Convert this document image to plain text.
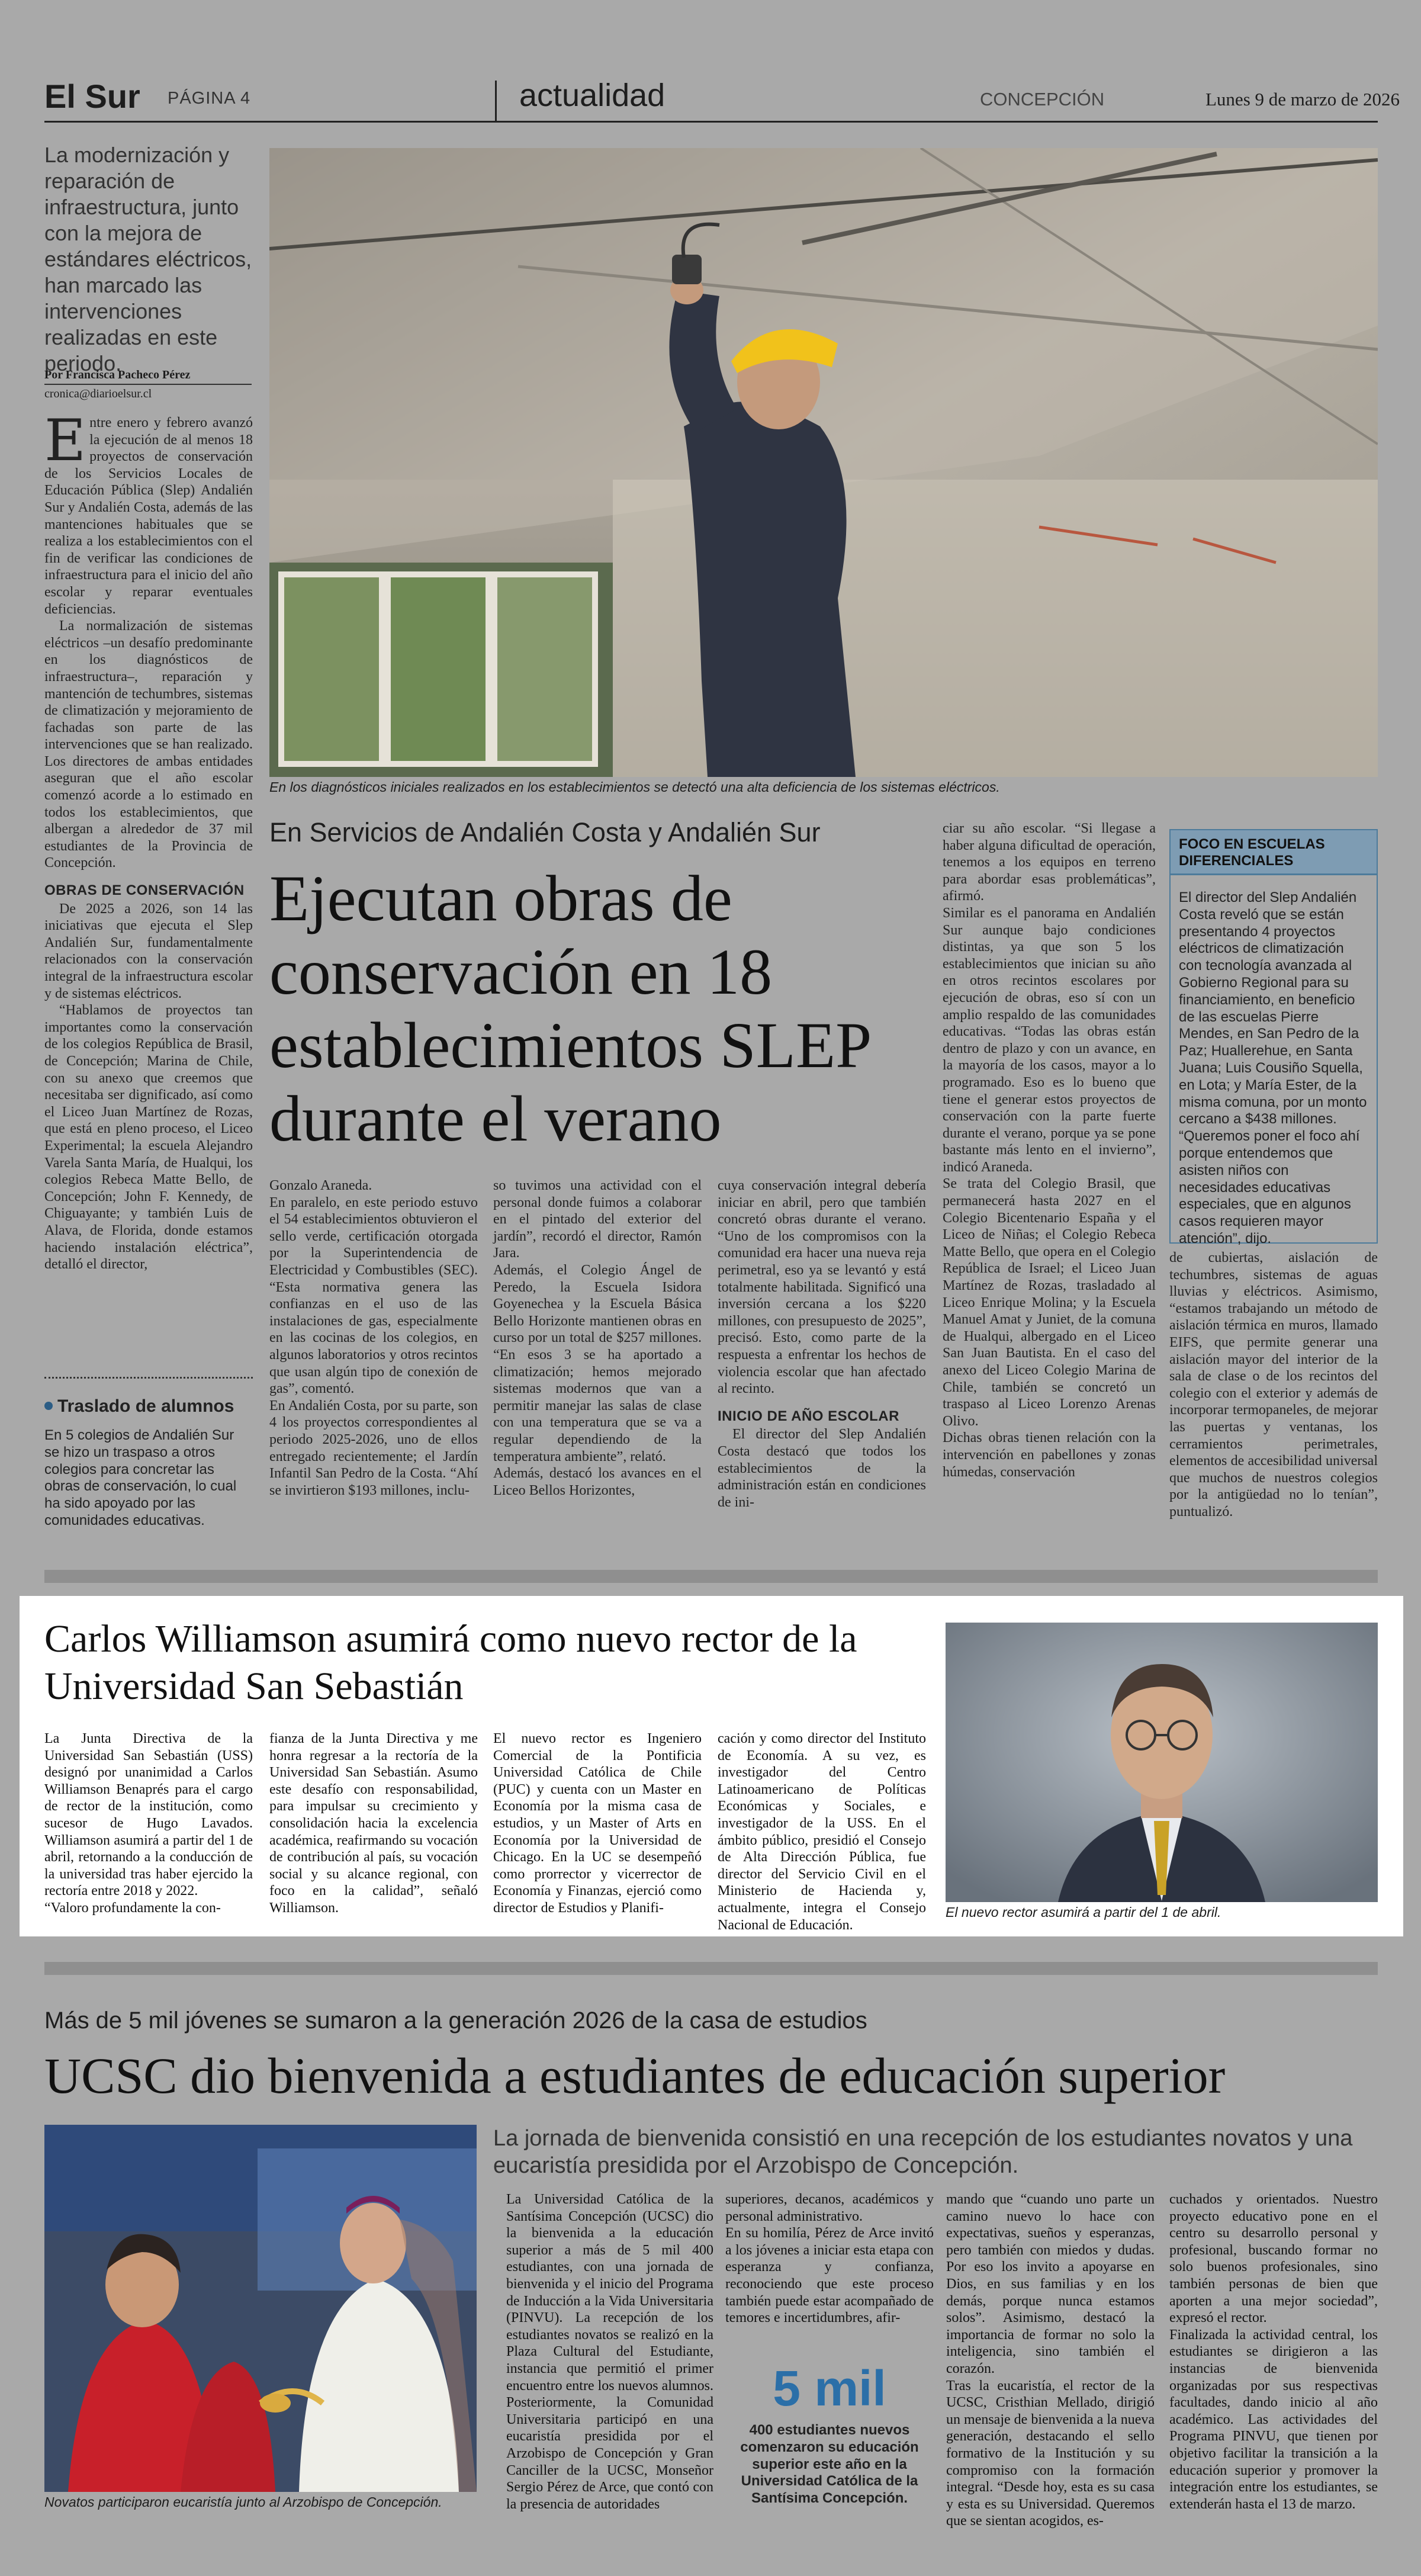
El Sur PÁGINA 4	actualidad	CONCEPCIÓN	Lunes 9 de marzo de 2026
La modernización y reparación de infraestructura, junto con la mejora de estándares eléctricos, han marcado las intervenciones realizadas en este periodo.
Por Francisca Pacheco Pérez
cronica@diarioelsur.cl

Entre enero y febrero avanzó la ejecución de al menos 18 proyectos de conservación de los Servicios Locales de Educación Pública (Slep) Andalién Sur y Andalién Costa, además de las mantenciones habituales que se realiza a los establecimientos con el fin de verificar las condiciones de infraestructura para el inicio del año escolar y reparar eventuales deficiencias.

La normalización de sistemas eléctricos –un desafío predominante en los diagnósticos de infraestructura–, reparación y mantención de techumbres, sistemas de climatización y mejoramiento de fachadas son parte de las intervenciones que se han realizado. Los directores de ambas entidades aseguran que el año escolar comenzó acorde a lo estimado en todos los establecimientos, que albergan a alrededor de 37 mil estudiantes de la Provincia de Concepción.

OBRAS DE CONSERVACIÓN

De 2025 a 2026, son 14 las iniciativas que ejecuta el Slep Andalién Sur, fundamentalmente relacionados con la conservación integral de la infraestructura escolar y de sistemas eléctricos.

“Hablamos de proyectos tan importantes como la conservación de los colegios República de Brasil, de Concepción; Marina de Chile, con su anexo que creemos que necesitaba ser dignificado, así como el Liceo Juan Martínez de Rozas, que está en pleno proceso, el Liceo Experimental; la escuela Alejandro Varela Santa María, de Hualqui, los colegios Rebeca Matte Bello, de Concepción; John F. Kennedy, de Chiguayante; y también Luis de Alava, de Florida, donde estamos haciendo instalación eléctrica”, detalló el director,

En los diagnósticos iniciales realizados en los establecimientos se detectó una alta deficiencia de los sistemas eléctricos.
En Servicios de Andalién Costa y Andalién Sur
Ejecutan obras de conservación en 18 establecimientos SLEP durante el verano
Gonzalo Araneda.
En paralelo, en este periodo estuvo el 54 establecimientos obtuvieron el sello verde, certificación otorgada por la Superintendencia de Electricidad y Combustibles (SEC). “Esta normativa genera las confianzas en el uso de las instalaciones de gas, especialmente en las cocinas de los colegios, en algunos laboratorios y otros recintos que usan algún tipo de conexión de gas”, comentó.
En Andalién Costa, por su parte, son 4 los proyectos correspondientes al periodo 2025-2026, uno de ellos entregado recientemente; el Jardín Infantil San Pedro de la Costa. “Ahí se invirtieron $193 millones, inclu-
so tuvimos una actividad con el personal donde fuimos a colaborar en el pintado del exterior del jardín”, recordó el director, Ramón Jara.
Además, el Colegio Ángel de Peredo, la Escuela Isidora Goyenechea y la Escuela Básica Bello Horizonte mantienen obras en curso por un total de $257 millones. “En esos 3 se ha aportado a climatización; hemos mejorado sistemas modernos que van a permitir manejar las salas de clase con una temperatura que se va a regular dependiendo de la temperatura ambiente”, relató.
Además, destacó los avances en el Liceo Bellos Horizontes,

cuya conservación integral debería iniciar en abril, pero que también concretó obras durante el verano. “Uno de los compromisos con la comunidad era hacer una nueva reja perimetral, eso ya se levantó y está totalmente habilitada. Significó una inversión cercana a los $220 millones, con presupuesto de 2025”, precisó. Esto, como parte de la respuesta a enfrentar los hechos de violencia escolar que han afectado al recinto.

INICIO DE AÑO ESCOLAR

El director del Slep Andalién Costa destacó que todos los establecimientos de la administración están en condiciones de ini-

ciar su año escolar. “Si llegase a haber alguna dificultad de operación, tenemos a los equipos en terreno para abordar esas problemáticas”, afirmó.
Similar es el panorama en Andalién Sur aunque bajo condiciones distintas, ya que son 5 los establecimientos que inician su año en otros recintos escolares por ejecución de obras, eso sí con un amplio respaldo de las comunidades educativas. “Todas las obras están dentro de plazo y con un avance, en la mayoría de los casos, mayor a lo programado. Eso es lo bueno que tiene el generar estos proyectos de conservación con la parte fuerte durante el verano, porque ya se pone bastante más lento en el invierno”, indicó Araneda.
Se trata del Colegio Brasil, que permanecerá hasta 2027 en el Colegio Bicentenario España y el Liceo de Niñas; el Colegio Rebeca Matte Bello, que opera en el Colegio República de Israel; el Liceo Juan Martínez de Rozas, trasladado al Liceo Enrique Molina; y la Escuela Manuel Amat y Juniet, de la comuna de Hualqui, albergado en el Liceo San Juan Bautista. En el caso del anexo del Liceo Colegio Marina de Chile, también se concretó un traspaso al Liceo Lorenzo Arenas Olivo.
Dichas obras tienen relación con la intervención en pabellones y zonas húmedas, conservación
FOCO EN ESCUELAS DIFERENCIALES
El director del Slep Andalién Costa reveló que se están presentando 4 proyectos eléctricos de climatización con tecnología avanzada al Gobierno Regional para su financiamiento, en beneficio de las escuelas Pierre Mendes, en San Pedro de la Paz; Huallerehue, en Santa Juana; Luis Cousiño Squella, en Lota; y María Ester, de la misma comuna, por un monto cercano a $438 millones. “Queremos poner el foco ahí porque entendemos que asisten niños con necesidades educativas especiales, que en algunos casos requieren mayor atención”, dijo.
de cubiertas, aislación de techumbres, sistemas de aguas lluvias y eléctricos. Asimismo, “estamos trabajando un método de aislación térmica en muros, llamado EIFS, que permite generar una aislación mayor del interior de la sala de clase o de los recintos del colegio con el exterior y además de incorporar termopaneles, de mejorar las puertas y ventanas, los cerramientos perimetrales, elementos de accesibilidad universal que muchos de nuestros colegios por la antigüedad no lo tenían”, puntualizó.
Traslado de alumnos
En 5 colegios de Andalién Sur se hizo un traspaso a otros colegios para concretar las obras de conservación, lo cual ha sido apoyado por las comunidades educativas.
Carlos Williamson asumirá como nuevo rector de la Universidad San Sebastián
La Junta Directiva de la Universidad San Sebastián (USS) designó por unanimidad a Carlos Williamson Benaprés para el cargo de rector de la institución, como sucesor de Hugo Lavados. Williamson asumirá a partir del 1 de abril, retornando a la conducción de la universidad tras haber ejercido la rectoría entre 2018 y 2022.
“Valoro profundamente la con-
fianza de la Junta Directiva y me honra regresar a la rectoría de la Universidad San Sebastián. Asumo este desafío con responsabilidad, para impulsar su crecimiento y consolidación hacia la excelencia académica, reafirmando su vocación de contribución al país, su vocación social y su alcance regional, con foco en la calidad”, señaló Williamson.
El nuevo rector es Ingeniero Comercial de la Pontificia Universidad Católica de Chile (PUC) y cuenta con un Master en Economía por la misma casa de estudios, y un Master of Arts en Economía por la Universidad de Chicago. En la UC se desempeñó como prorrector y vicerrector de Economía y Finanzas, ejerció como director de Estudios y Planifi-
cación y como director del Instituto de Economía. A su vez, es investigador del Centro Latinoamericano de Políticas Económicas y Sociales, e investigador de la USS. En el ámbito público, presidió el Consejo de Alta Dirección Pública, fue director del Servicio Civil en el Ministerio de Hacienda y, actualmente, integra el Consejo Nacional de Educación.
El nuevo rector asumirá a partir del 1 de abril.
Más de 5 mil jóvenes se sumaron a la generación 2026 de la casa de estudios
UCSC dio bienvenida a estudiantes de educación superior
Novatos participaron eucaristía junto al Arzobispo de Concepción.
La jornada de bienvenida consistió en una recepción de los estudiantes novatos y una eucaristía presidida por el Arzobispo de Concepción.
La Universidad Católica de la Santísima Concepción (UCSC) dio la bienvenida a la educación superior a más de 5 mil 400 estudiantes, con una jornada de bienvenida y el inicio del Programa de Inducción a la Vida Universitaria (PINVU). La recepción de los estudiantes novatos se realizó en la Plaza Cultural del Estudiante, instancia que permitió el primer encuentro entre los nuevos alumnos. Posteriormente, la Comunidad Universitaria participó en una eucaristía presidida por el Arzobispo de Concepción y Gran Canciller de la UCSC, Monseñor Sergio Pérez de Arce, que contó con la presencia de autoridades
superiores, decanos, académicos y personal administrativo.
En su homilía, Pérez de Arce invitó a los jóvenes a iniciar esta etapa con esperanza y confianza, reconociendo que este proceso también puede estar acompañado de temores e incertidumbres, afir-
5 mil
400 estudiantes nuevos comenzaron su educación superior este año en la Universidad Católica de la Santísima Concepción.
mando que “cuando uno parte un camino nuevo lo hace con expectativas, sueños y esperanzas, pero también con miedos y dudas. Por eso los invito a apoyarse en Dios, en sus familias y en los demás, porque nunca estamos solos”. Asimismo, destacó la importancia de formar no solo la inteligencia, sino también el corazón.
Tras la eucaristía, el rector de la UCSC, Cristhian Mellado, dirigió un mensaje de bienvenida a la nueva generación, destacando el sello formativo de la Institución y su compromiso con la formación integral. “Desde hoy, esta es su casa y esta es su Universidad. Queremos que se sientan acogidos, es-
cuchados y orientados. Nuestro proyecto educativo pone en el centro su desarrollo personal y profesional, buscando formar no solo buenos profesionales, sino también personas de bien que aporten a una mejor sociedad”, expresó el rector.
Finalizada la actividad central, los estudiantes se dirigieron a las instancias de bienvenida organizadas por sus respectivas facultades, dando inicio al año académico. Las actividades del Programa PINVU, que tienen por objetivo facilitar la transición a la educación superior y promover la integración entre los estudiantes, se extenderán hasta el 13 de marzo.
